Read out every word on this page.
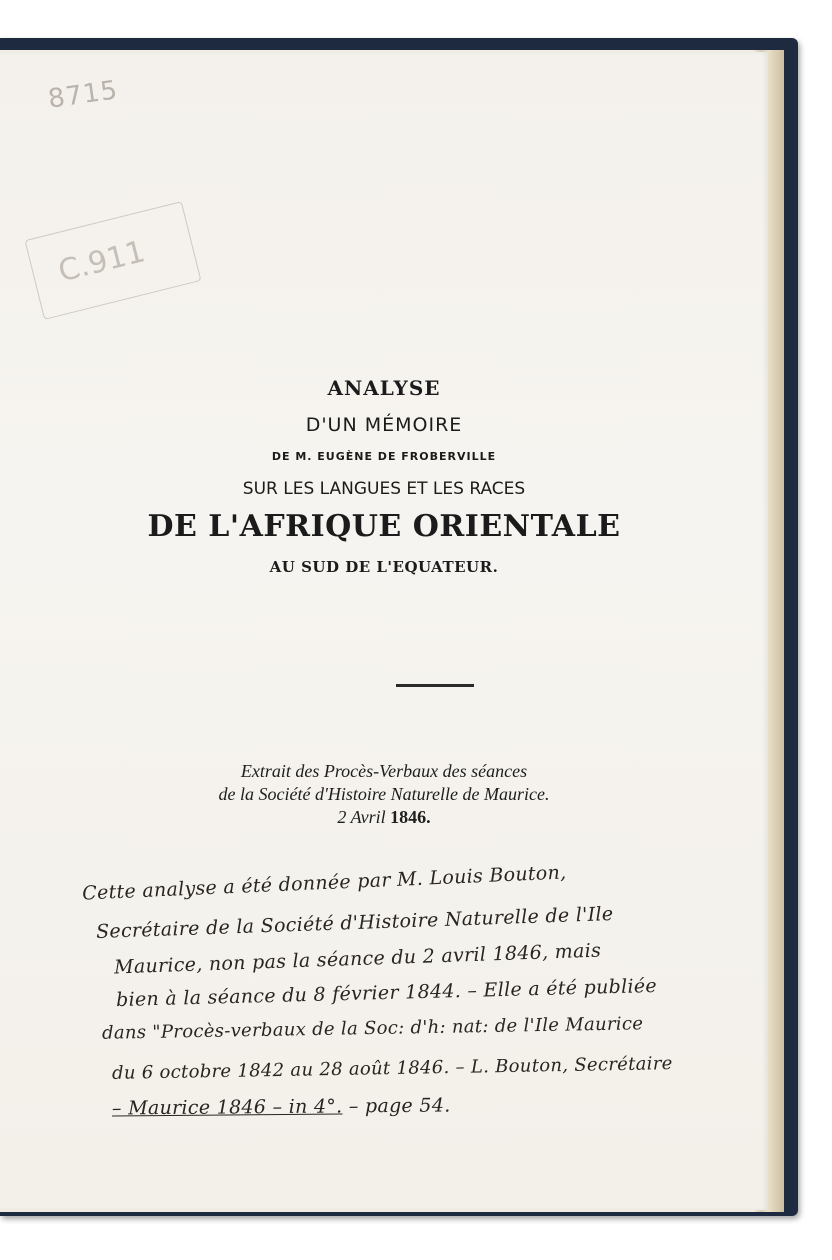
8715
C.911
ANALYSE
D'UN MÉMOIRE
DE M. EUGÈNE DE FROBERVILLE
SUR LES LANGUES ET LES RACES
DE L'AFRIQUE ORIENTALE
AU SUD DE L'EQUATEUR.
Extrait des Procès-Verbaux des séances
de la Société d'Histoire Naturelle de Maurice.
2 Avril 1846.
Cette analyse a été donnée par M. Louis Bouton,
Secrétaire de la Société d'Histoire Naturelle de l'Ile
Maurice, non pas la séance du 2 avril 1846, mais
bien à la séance du 8 février 1844. – Elle a été publiée
dans "Procès-verbaux de la Soc: d'h: nat: de l'Ile Maurice
du 6 octobre 1842 au 28 août 1846. – L. Bouton, Secrétaire
– Maurice 1846 – in 4°. – page 54.
